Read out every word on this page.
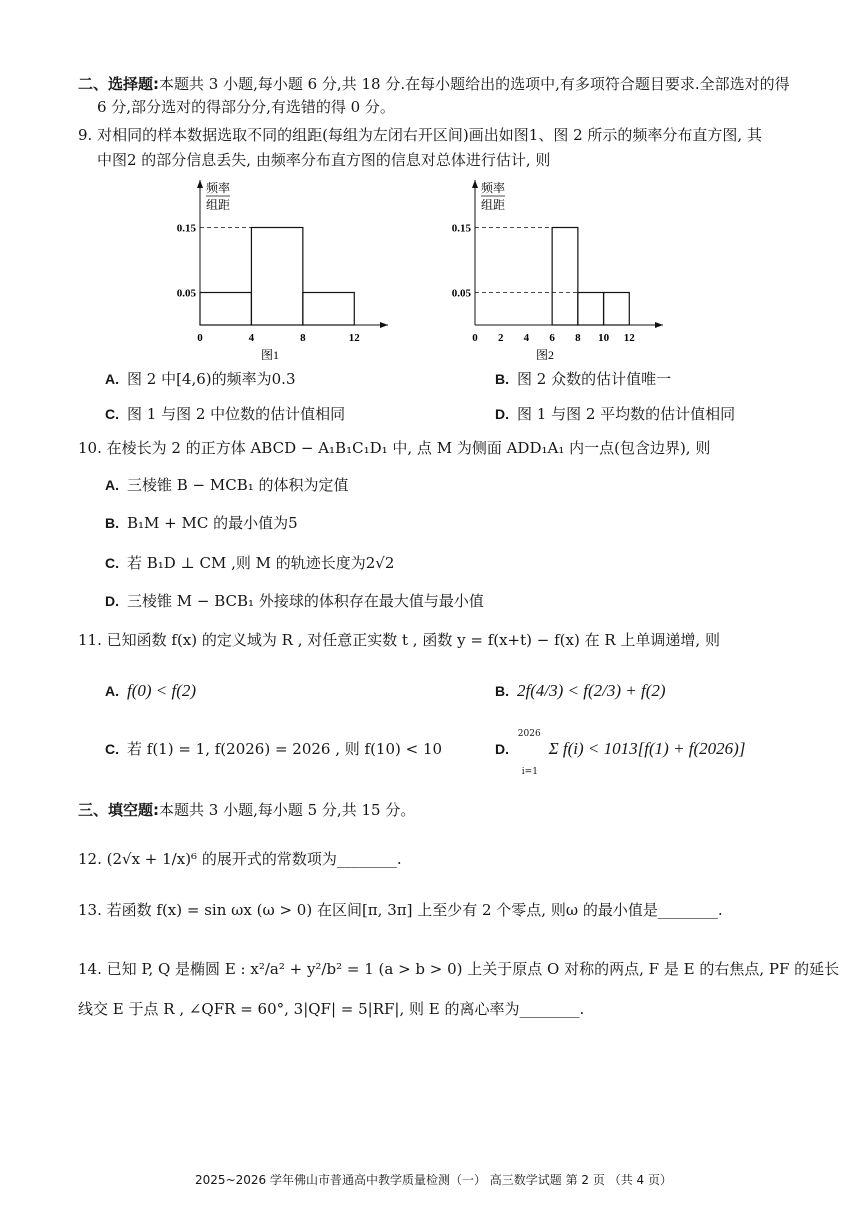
二、选择题:本题共 3 小题,每小题 6 分,共 18 分.在每小题给出的选项中,有多项符合题目要求.全部选对的得
6 分,部分选对的得部分分,有选错的得 0 分。
9. 对相同的样本数据选取不同的组距(每组为左闭右开区间)画出如图1、图 2 所示的频率分布直方图, 其
中图2 的部分信息丢失, 由频率分布直方图的信息对总体进行估计, 则
频率
组距
0.05
0.15
0	4	8	12
图1
频率
组距
0.05
0.15
0 2 4 6 8 10 12
图2
A. 图 2 中[4,6)的频率为0.3	B. 图 2 众数的估计值唯一
C. 图 1 与图 2 中位数的估计值相同	D. 图 1 与图 2 平均数的估计值相同
10. 在棱长为 2 的正方体 ABCD − A₁B₁C₁D₁ 中, 点 M 为侧面 ADD₁A₁ 内一点(包含边界), 则
A. 三棱锥 B − MCB₁ 的体积为定值
B. B₁M + MC 的最小值为5
C. 若 B₁D ⊥ CM ,则 M 的轨迹长度为2√2
D. 三棱锥 M − BCB₁ 外接球的体积存在最大值与最小值
11. 已知函数 f(x) 的定义域为 R , 对任意正实数 t , 函数 y = f(x+t) − f(x) 在 R 上单调递增, 则
A. f(0) < f(2)	B. 2f(4/3) < f(2/3) + f(2)
C. 若 f(1) = 1, f(2026) = 2026 , 则 f(10) < 10	D.
2026
i=1
Σ f(i) < 1013[f(1) + f(2026)]
三、填空题:本题共 3 小题,每小题 5 分,共 15 分。
12. (2√x + 1/x)⁶ 的展开式的常数项为________.
13. 若函数 f(x) = sin ωx (ω > 0) 在区间[π, 3π] 上至少有 2 个零点, 则ω 的最小值是________.
14. 已知 P, Q 是椭圆 E : x²/a² + y²/b² = 1 (a > b > 0) 上关于原点 O 对称的两点, F 是 E 的右焦点, PF 的延长
线交 E 于点 R , ∠QFR = 60°, 3|QF| = 5|RF|, 则 E 的离心率为________.
2025~2026 学年佛山市普通高中教学质量检测（一） 高三数学试题 第 2 页 （共 4 页）
